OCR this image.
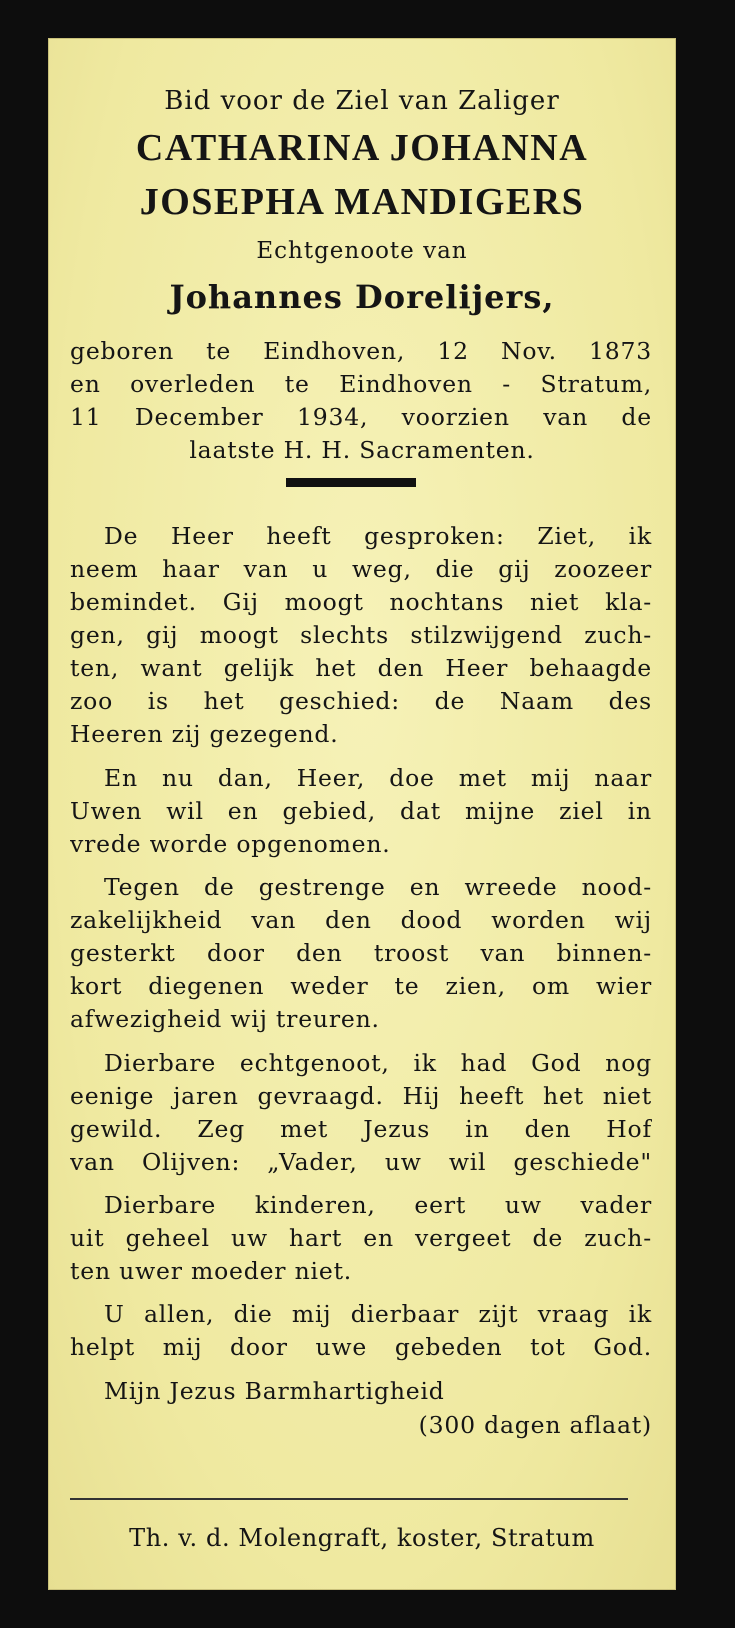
Bid voor de Ziel van Zaliger
CATHARINA JOHANNA
JOSEPHA MANDIGERS
Echtgenoote van
Johannes Dorelijers,
geboren te Eindhoven, 12 Nov. 1873
en overleden te Eindhoven - Stratum,
11 December 1934, voorzien van de
laatste H. H. Sacramenten.
De Heer heeft gesproken: Ziet, ik
neem haar van u weg, die gij zoozeer
bemindet. Gij moogt nochtans niet kla-
gen, gij moogt slechts stilzwijgend zuch-
ten, want gelijk het den Heer behaagde
zoo is het geschied: de Naam des
Heeren zij gezegend.
En nu dan, Heer, doe met mij naar
Uwen wil en gebied, dat mijne ziel in
vrede worde opgenomen.
Tegen de gestrenge en wreede nood-
zakelijkheid van den dood worden wij
gesterkt door den troost van binnen-
kort diegenen weder te zien, om wier
afwezigheid wij treuren.
Dierbare echtgenoot, ik had God nog
eenige jaren gevraagd. Hij heeft het niet
gewild. Zeg met Jezus in den Hof
van Olijven: „Vader, uw wil geschiede"
Dierbare kinderen, eert uw vader
uit geheel uw hart en vergeet de zuch-
ten uwer moeder niet.
U allen, die mij dierbaar zijt vraag ik
helpt mij door uwe gebeden tot God.
Mijn Jezus Barmhartigheid
(300 dagen aflaat)
Th. v. d. Molengraft, koster, Stratum
